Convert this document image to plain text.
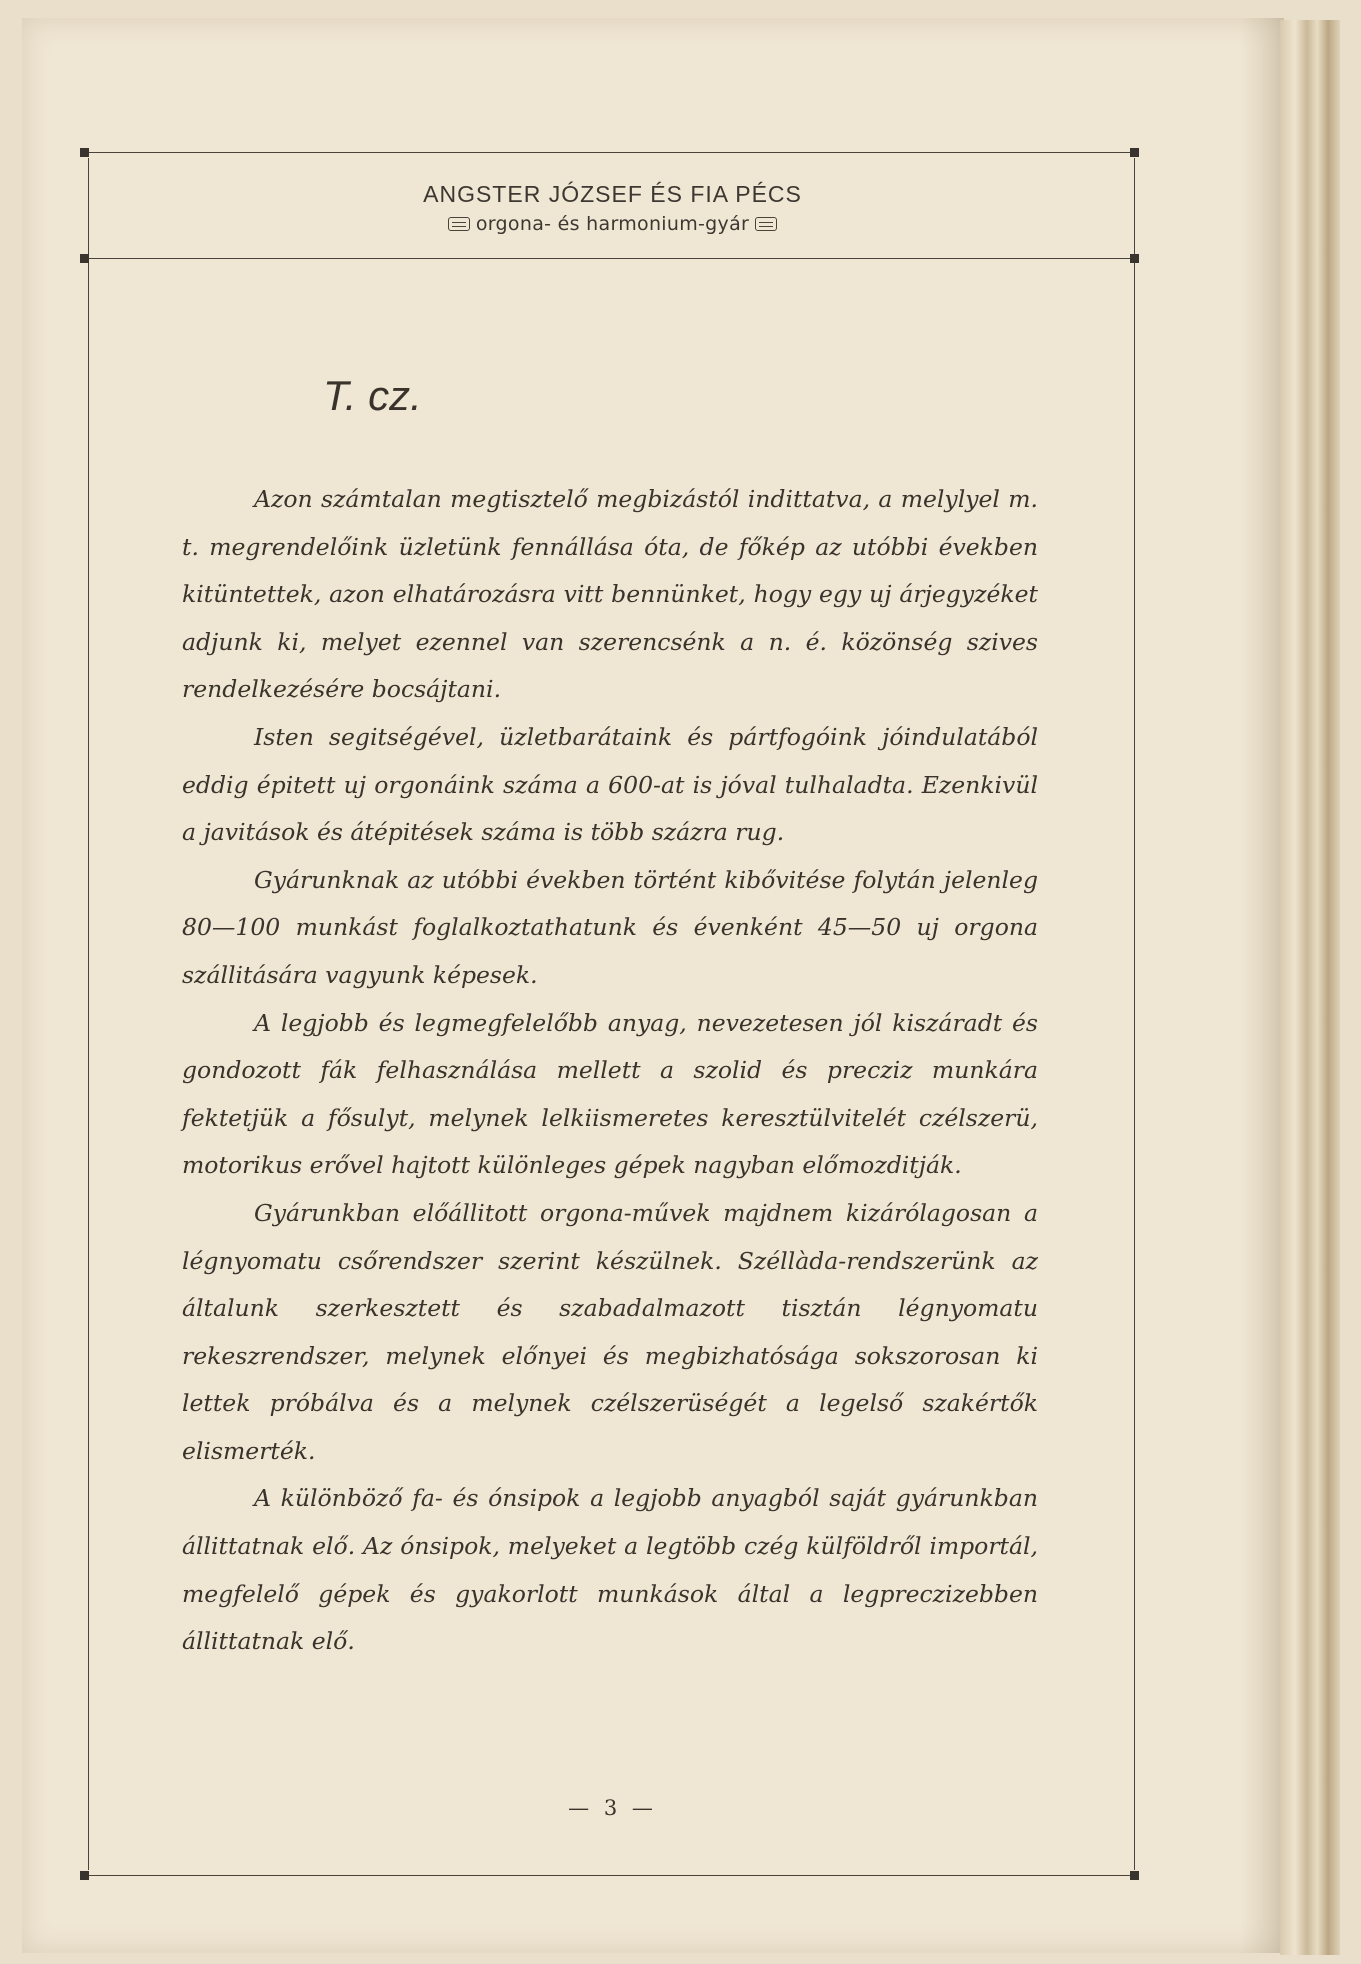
ANGSTER JÓZSEF ÉS FIA PÉCS
orgona- és harmonium-gyár
T. cz.

Azon számtalan megtisztelő megbizástól indittatva, a melylyel m. t. megrendelőink üzletünk fennállása óta, de főkép az utóbbi években kitüntettek, azon elhatározásra vitt bennünket, hogy egy uj árjegyzéket adjunk ki, melyet ezennel van szerencsénk a n. é. közönség szives rendelkezésére bocsájtani.

Isten segitségével, üzletbarátaink és pártfogóink jóindulatából eddig épitett uj orgonáink száma a 600-at is jóval tulhaladta. Ezenkivül a javitások és átépitések száma is több százra rug.

Gyárunknak az utóbbi években történt kibővitése folytán jelenleg 80—100 munkást foglalkoztathatunk és évenként 45—50 uj orgona szállitására vagyunk képesek.

A legjobb és legmegfelelőbb anyag, nevezetesen jól kiszáradt és gondozott fák felhasználása mellett a szolid és precziz munkára fektetjük a fősulyt, melynek lelkiismeretes keresztülvitelét czélszerü, motorikus erővel hajtott különleges gépek nagyban előmozditják.

Gyárunkban előállitott orgona-művek majdnem kizárólagosan a légnyomatu csőrendszer szerint készülnek. Széllàda-rendszerünk az általunk szerkesztett és szabadalmazott tisztán légnyomatu rekeszrendszer, melynek előnyei és megbizhatósága sokszorosan ki lettek próbálva és a melynek czélszerüségét a legelső szakértők elismerték.

A különböző fa- és ónsipok a legjobb anyagból saját gyárunkban állittatnak elő. Az ónsipok, melyeket a legtöbb czég külföldről importál, megfelelő gépek és gyakorlott munkások által a legpreczizebben állittatnak elő.

— 3 —
